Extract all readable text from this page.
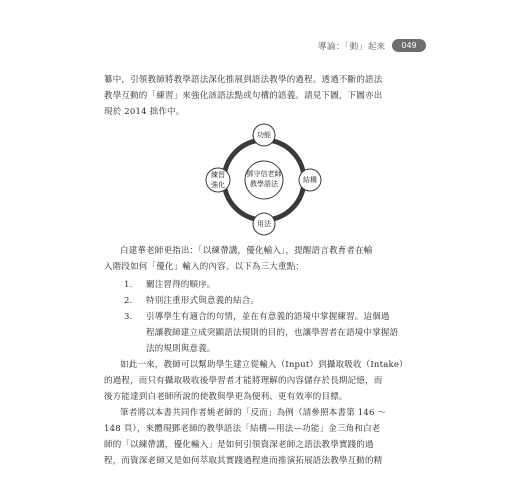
導論：「動」起來	049

纂中，引領教師將教學語法深化推展到語法教學的過程。透過不斷的語法
教學互動的「練習」來強化該語法點或句構的語義。請見下圖，下圖亦出
現於 2014 拙作中。

鄧守信老師
教學語法
功能
結構
用法
練習
強化

白建華老師更指出：「以練帶講，優化輸入」，提醒語言教育者在輸
入階段如何「優化」輸入的內容。以下為三大重點：

1. 關注習得的順序。
2. 特別注重形式與意義的結合。
3. 引導學生有適合的句情，並在有意義的語境中掌握練習。這個過
程讓教師建立成突顯語法規則的目的，也讓學習者在語境中掌握語
法的規則與意義。

如此一來，教師可以幫助學生建立從輸入（Input）到攝取吸收（Intake）
的過程，而只有攝取吸收後學習者才能將理解的內容儲存於長期記憶，而
後方能達到白老師所說的使教與學更為便利、更有效率的目標。

筆者將以本書共同作者姚老師的「反而」為例（請參照本書第 146 ～
148 頁），來體現鄧老師的教學語法「結構—用法—功能」金三角和白老
師的「以練帶講，優化輸入」是如何引領資深老師之語法教學實踐的過
程，而資深老師又是如何萃取其實踐過程進而推演拓展語法教學互動的精
